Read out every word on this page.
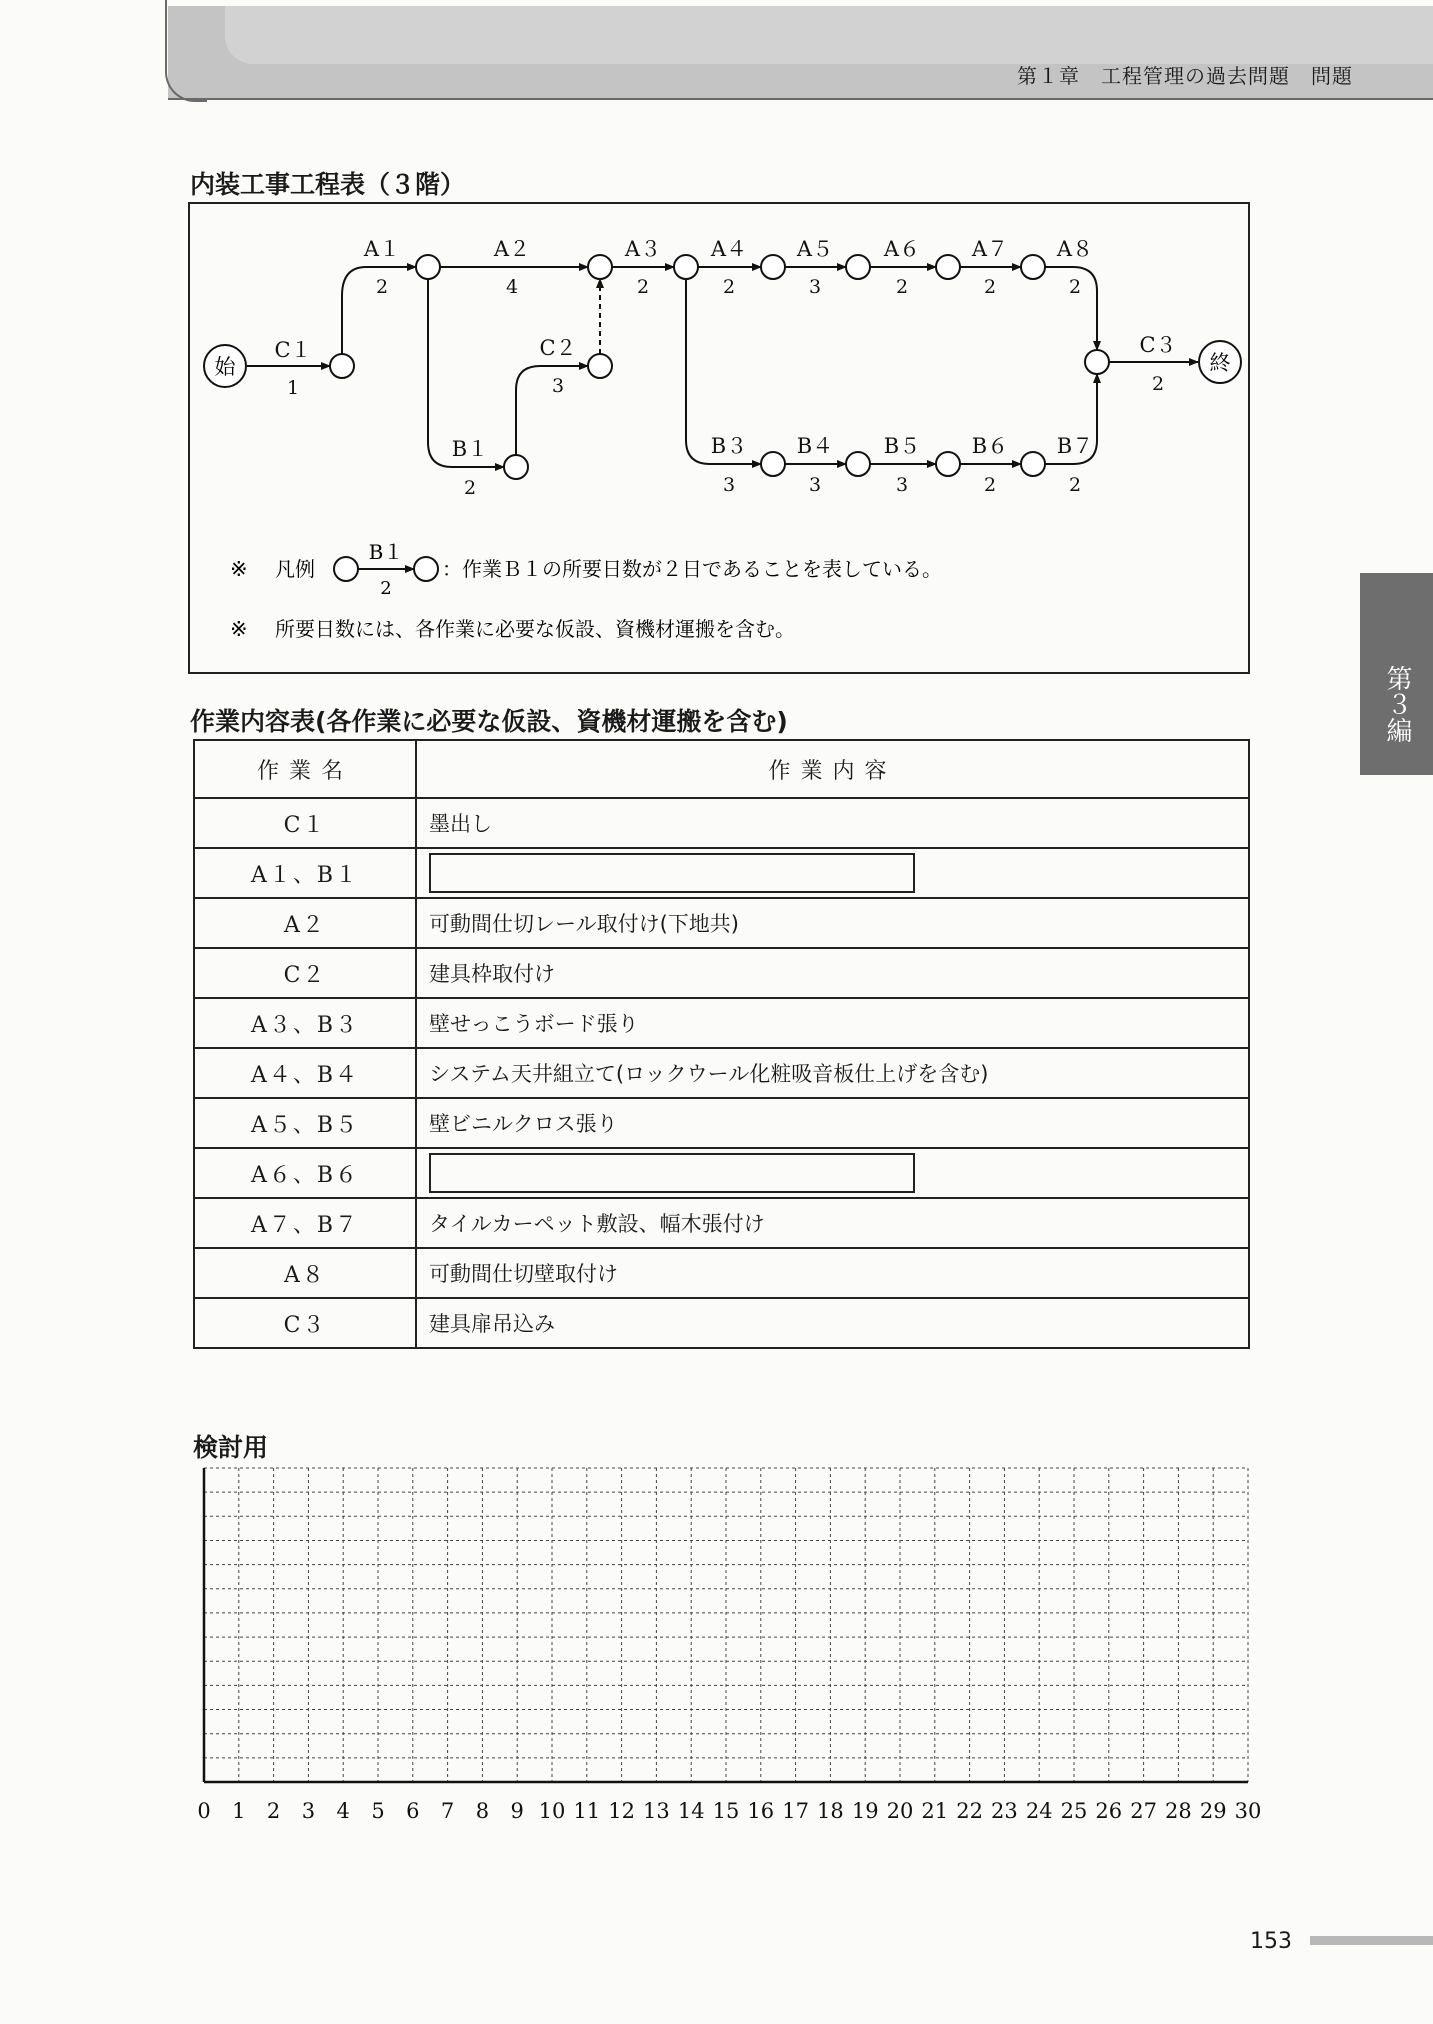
第１章　工程管理の過去問題　問題
第３編
内装工事工程表（３階）
始	終
C１
1
A１
2
A２
4
A３
2
A４
2
A５
3
A６
2
A７
2
A８
2
B１
2
C２
3
B３
3
B４
3
B５
3
B６
2
B７
2
C３
2
※ 凡例
B１
2
：作業Ｂ１の所要日数が２日であることを表している。
※ 所要日数には、各作業に必要な仮設、資機材運搬を含む。
作業内容表(各作業に必要な仮設、資機材運搬を含む)
作業名	作業内容
C１	墨出し
A１、B１	
A２	可動間仕切レール取付け(下地共)
C２	建具枠取付け
A３、B３	壁せっこうボード張り
A４、B４	システム天井組立て(ロックウール化粧吸音板仕上げを含む)
A５、B５	壁ビニルクロス張り
A６、B６	
A７、B７	タイルカーペット敷設、幅木張付け
A８	可動間仕切壁取付け
C３	建具扉吊込み
検討用
0 1 2 3 4 5 6 7 8 9 10 11 12 13 14 15 16 17 18 19 20 21 22 23 24 25 26 27 28 29 30
153
